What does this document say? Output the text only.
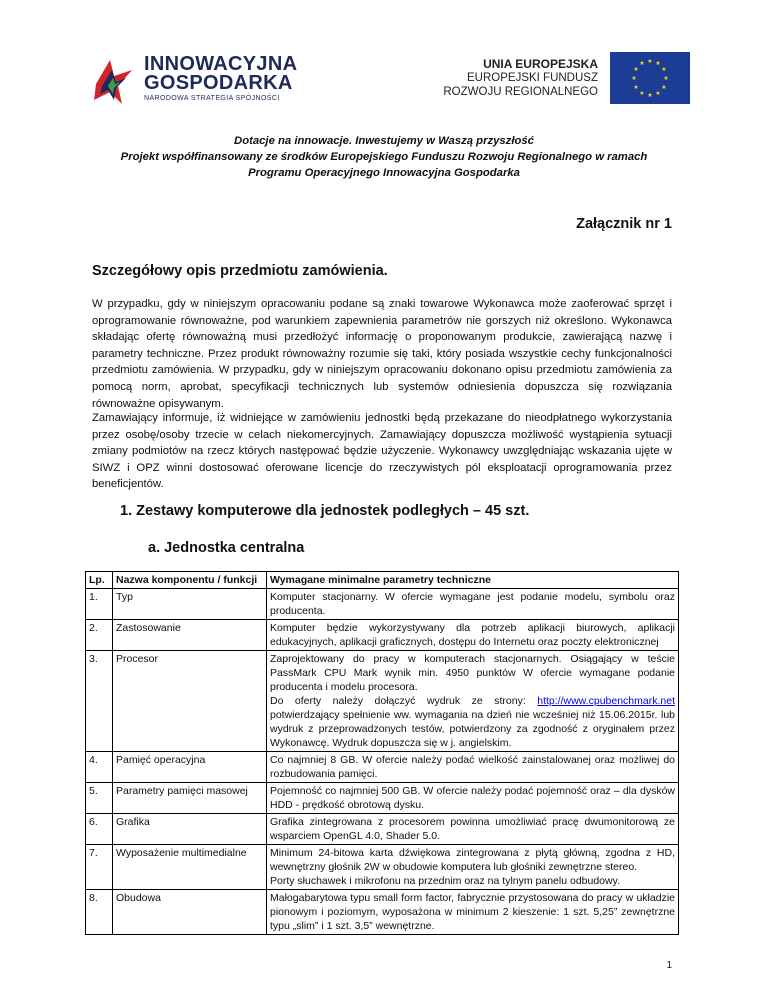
INNOWACYJNA
GOSPODARKA
NARODOWA STRATEGIA SPÓJNOŚCI
UNIA EUROPEJSKA
EUROPEJSKI FUNDUSZ
ROZWOJU REGIONALNEGO
★ ★
★
★
★
★
★
★
★
★
★
★
Dotacje na innowacje. Inwestujemy w Waszą przyszłość
Projekt współfinansowany ze środków Europejskiego Funduszu Rozwoju Regionalnego w ramach
Programu Operacyjnego Innowacyjna Gospodarka
Załącznik nr 1
Szczegółowy opis przedmiotu zamówienia.
W przypadku, gdy w niniejszym opracowaniu podane są znaki towarowe Wykonawca może zaoferować sprzęt i oprogramowanie równoważne, pod warunkiem zapewnienia parametrów nie gorszych niż określono. Wykonawca składając ofertę równoważną musi przedłożyć informację o proponowanym produkcie, zawierającą nazwę i parametry techniczne. Przez produkt równoważny rozumie się taki, który posiada wszystkie cechy funkcjonalności przedmiotu zamówienia. W przypadku, gdy w niniejszym opracowaniu dokonano opisu przedmiotu zamówienia za pomocą norm, aprobat, specyfikacji technicznych lub systemów odniesienia dopuszcza się rozwiązania równoważne opisywanym.
Zamawiający informuje, iż widniejące w zamówieniu jednostki będą przekazane do nieodpłatnego wykorzystania przez osobę/osoby trzecie w celach niekomercyjnych. Zamawiający dopuszcza możliwość wystąpienia sytuacji zmiany podmiotów na rzecz których następować będzie użyczenie. Wykonawcy uwzględniając wskazania ujęte w SIWZ i OPZ winni dostosować oferowane licencje do rzeczywistych pól eksploatacji oprogramowania przez beneficjentów.
1. Zestawy komputerowe dla jednostek podległych – 45 szt.
a. Jednostka centralna
Lp.	Nazwa komponentu / funkcji	Wymagane minimalne parametry techniczne
1.	Typ	Komputer stacjonarny. W ofercie wymagane jest podanie modelu, symbolu oraz producenta.
2.	Zastosowanie	Komputer będzie wykorzystywany dla potrzeb aplikacji biurowych, aplikacji edukacyjnych, aplikacji graficznych, dostępu do Internetu oraz poczty elektronicznej
3.	Procesor	Zaprojektowany do pracy w komputerach stacjonarnych. Osiągający w teście PassMark CPU Mark wynik min. 4950 punktów W ofercie wymagane podanie producenta i modelu procesora.
Do oferty należy dołączyć wydruk ze strony: http://www.cpubenchmark.net potwierdzający spełnienie ww. wymagania na dzień nie wcześniej niż 15.06.2015r. lub wydruk z przeprowadzonych testów, potwierdzony za zgodność z oryginałem przez Wykonawcę. Wydruk dopuszcza się w j. angielskim.

4.	Pamięć operacyjna	Co najmniej 8 GB. W ofercie należy podać wielkość zainstalowanej oraz możliwej do rozbudowania pamięci.
5.	Parametry pamięci masowej	Pojemność co najmniej 500 GB. W ofercie należy podać pojemność oraz – dla dysków HDD - prędkość obrotową dysku.
6.	Grafika	Grafika zintegrowana z procesorem powinna umożliwiać pracę dwumonitorową ze wsparciem OpenGL 4.0, Shader 5.0.
7.	Wyposażenie multimedialne	Minimum 24-bitowa karta dźwiękowa zintegrowana z płytą główną, zgodna z HD, wewnętrzny głośnik 2W w obudowie komputera lub głośniki zewnętrzne stereo.
Porty słuchawek i mikrofonu na przednim oraz na tylnym panelu odbudowy.

8.	Obudowa	Małogabarytowa typu small form factor, fabrycznie przystosowana do pracy w układzie pionowym i poziomym, wyposażona w minimum 2 kieszenie: 1 szt. 5,25” zewnętrzne typu „slim” i 1 szt. 3,5” wewnętrzne.
1
